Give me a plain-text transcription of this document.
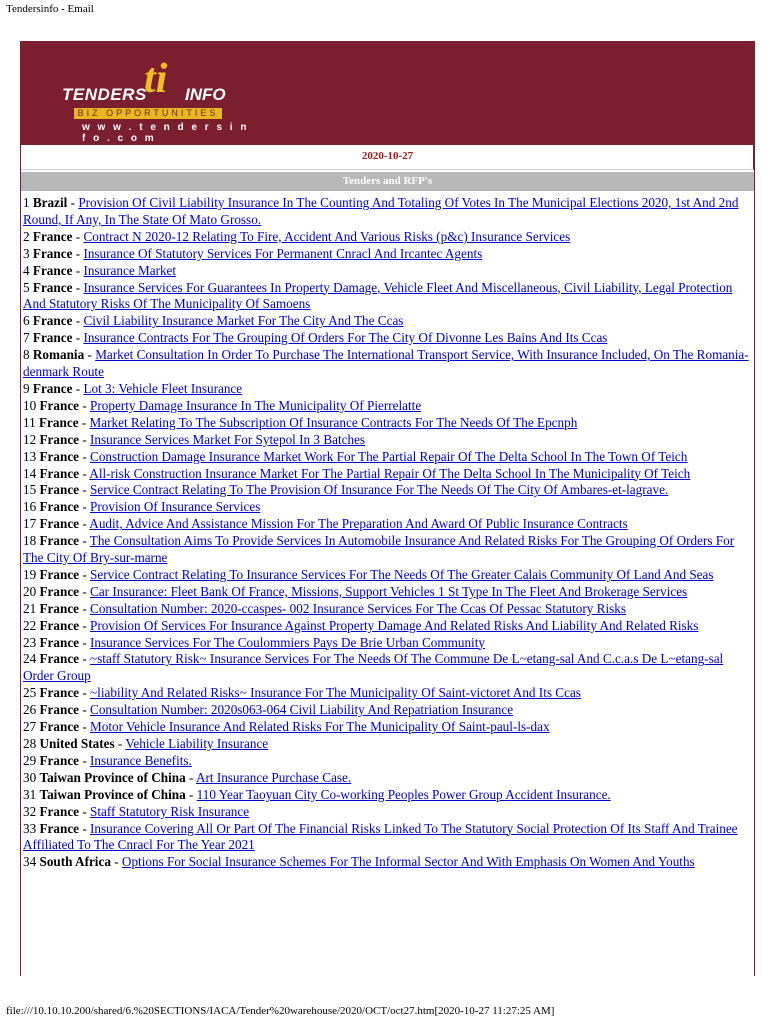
Tendersinfo - Email
ti
TENDERS INFO
BIZ OPPORTUNITIES
w w w . t e n d e r s i n f o . c o m
2020-10-27
Tenders and RFP's
1 Brazil - Provision Of Civil Liability Insurance In The Counting And Totaling Of Votes In The Municipal Elections 2020, 1st And 2nd Round, If Any, In The State Of Mato Grosso.
2 France - Contract N 2020-12 Relating To Fire, Accident And Various Risks (p&c) Insurance Services
3 France - Insurance Of Statutory Services For Permanent Cnracl And Ircantec Agents
4 France - Insurance Market
5 France - Insurance Services For Guarantees In Property Damage, Vehicle Fleet And Miscellaneous, Civil Liability, Legal Protection And Statutory Risks Of The Municipality Of Samoens
6 France - Civil Liability Insurance Market For The City And The Ccas
7 France - Insurance Contracts For The Grouping Of Orders For The City Of Divonne Les Bains And Its Ccas
8 Romania - Market Consultation In Order To Purchase The International Transport Service, With Insurance Included, On The Romania-denmark Route
9 France - Lot 3: Vehicle Fleet Insurance
10 France - Property Damage Insurance In The Municipality Of Pierrelatte
11 France - Market Relating To The Subscription Of Insurance Contracts For The Needs Of The Epcnph
12 France - Insurance Services Market For Sytepol In 3 Batches
13 France - Construction Damage Insurance Market Work For The Partial Repair Of The Delta School In The Town Of Teich
14 France - All-risk Construction Insurance Market For The Partial Repair Of The Delta School In The Municipality Of Teich
15 France - Service Contract Relating To The Provision Of Insurance For The Needs Of The City Of Ambares-et-lagrave.
16 France - Provision Of Insurance Services
17 France - Audit, Advice And Assistance Mission For The Preparation And Award Of Public Insurance Contracts
18 France - The Consultation Aims To Provide Services In Automobile Insurance And Related Risks For The Grouping Of Orders For The City Of Bry-sur-marne
19 France - Service Contract Relating To Insurance Services For The Needs Of The Greater Calais Community Of Land And Seas
20 France - Car Insurance: Fleet Bank Of France, Missions, Support Vehicles 1 St Type In The Fleet And Brokerage Services
21 France - Consultation Number: 2020-ccaspes- 002 Insurance Services For The Ccas Of Pessac Statutory Risks
22 France - Provision Of Services For Insurance Against Property Damage And Related Risks And Liability And Related Risks
23 France - Insurance Services For The Coulommiers Pays De Brie Urban Community
24 France - ~staff Statutory Risk~ Insurance Services For The Needs Of The Commune De L~etang-sal And C.c.a.s De L~etang-sal Order Group
25 France - ~liability And Related Risks~ Insurance For The Municipality Of Saint-victoret And Its Ccas
26 France - Consultation Number: 2020s063-064 Civil Liability And Repatriation Insurance
27 France - Motor Vehicle Insurance And Related Risks For The Municipality Of Saint-paul-ls-dax
28 United States - Vehicle Liability Insurance
29 France - Insurance Benefits.
30 Taiwan Province of China - Art Insurance Purchase Case.
31 Taiwan Province of China - 110 Year Taoyuan City Co-working Peoples Power Group Accident Insurance.
32 France - Staff Statutory Risk Insurance
33 France - Insurance Covering All Or Part Of The Financial Risks Linked To The Statutory Social Protection Of Its Staff And Trainee Affiliated To The Cnracl For The Year 2021
34 South Africa - Options For Social Insurance Schemes For The Informal Sector And With Emphasis On Women And Youths
file:///10.10.10.200/shared/6.%20SECTIONS/IACA/Tender%20warehouse/2020/OCT/oct27.htm[2020-10-27 11:27:25 AM]
